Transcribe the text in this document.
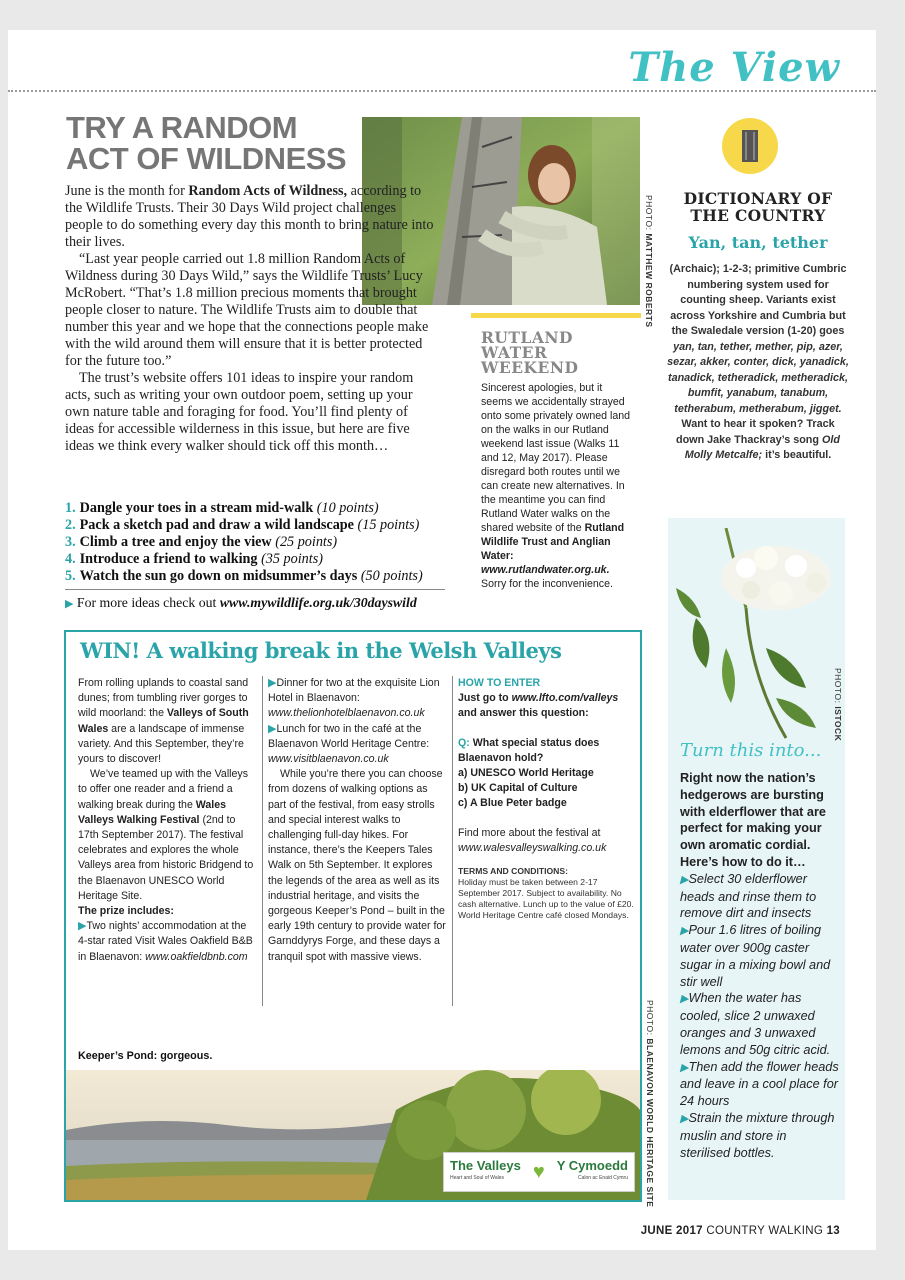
The View
TRY A RANDOM ACT OF WILDNESS
PHOTO: MATTHEW ROBERTS

June is the month for Random Acts of Wildness, according to the Wildlife Trusts. Their 30 Days Wild project challenges people to do something every day this month to bring nature into their lives.

“Last year people carried out 1.8 million Random Acts of Wildness during 30 Days Wild,” says the Wildlife Trusts’ Lucy McRobert. “That’s 1.8 million precious moments that brought people closer to nature. The Wildlife Trusts aim to double that number this year and we hope that the connections people make with the wild around them will ensure that it is better protected for the future too.”

The trust’s website offers 101 ideas to inspire your random acts, such as writing your own outdoor poem, setting up your own nature table and foraging for food. You’ll find plenty of ideas for accessible wilderness in this issue, but here are five ideas we think every walker should tick off this month…

1. Dangle your toes in a stream mid-walk (10 points)
2. Pack a sketch pad and draw a wild landscape (15 points)
3. Climb a tree and enjoy the view (25 points)
4. Introduce a friend to walking (35 points)
5. Watch the sun go down on midsummer’s days (50 points)
▶ For more ideas check out www.mywildlife.org.uk/30dayswild
RUTLAND WATER WEEKEND

Sincerest apologies, but it seems we accidentally strayed onto some privately owned land on the walks in our Rutland weekend last issue (Walks 11 and 12, May 2017). Please disregard both routes until we can create new alternatives. In the meantime you can find Rutland Water walks on the shared website of the Rutland Wildlife Trust and Anglian Water:
www.rutlandwater.org.uk.
Sorry for the inconvenience.

DICTIONARY OF THE COUNTRY
Yan, tan, tether
(Archaic); 1-2-3; primitive Cumbric numbering system used for counting sheep. Variants exist across Yorkshire and Cumbria but the Swaledale version (1-20) goes yan, tan, tether, mether, pip, azer, sezar, akker, conter, dick, yanadick, tanadick, tetheradick, metheradick, bumfit, yanabum, tanabum, tetherabum, metherabum, jigget. Want to hear it spoken? Track down Jake Thackray’s song Old Molly Metcalfe; it’s beautiful.
WIN! A walking break in the Welsh Valleys

From rolling uplands to coastal sand dunes; from tumbling river gorges to wild moorland: the Valleys of South Wales are a landscape of immense variety. And this September, they’re yours to discover!

We’ve teamed up with the Valleys to offer one reader and a friend a walking break during the Wales Valleys Walking Festival (2nd to 17th September 2017). The festival celebrates and explores the whole Valleys area from historic Bridgend to the Blaenavon UNESCO World Heritage Site.

The prize includes:

▶Two nights’ accommodation at the 4-star rated Visit Wales Oakfield B&B in Blaenavon: www.oakfieldbnb.com

▶Dinner for two at the exquisite Lion Hotel in Blaenavon: www.thelionhotelblaenavon.co.uk

▶Lunch for two in the café at the Blaenavon World Heritage Centre: www.visitblaenavon.co.uk

While you’re there you can choose from dozens of walking options as part of the festival, from easy strolls and special interest walks to challenging full-day hikes. For instance, there’s the Keepers Tales Walk on 5th September. It explores the legends of the area as well as its industrial heritage, and visits the gorgeous Keeper’s Pond – built in the early 19th century to provide water for Garnddyrys Forge, and these days a tranquil spot with massive views.

HOW TO ENTER

Just go to www.lfto.com/valleys and answer this question:

Q: What special status does Blaenavon hold?

a) UNESCO World Heritage

b) UK Capital of Culture

c) A Blue Peter badge

Find more about the festival at www.walesvalleyswalking.co.uk

TERMS AND CONDITIONS:

Holiday must be taken between 2-17 September 2017. Subject to availability. No cash alternative. Lunch up to the value of £20. World Heritage Centre café closed Mondays.

Keeper’s Pond: gorgeous.
The Valleys
Heart and Soul of Wales	♥ Y Cymoedd
Calon ac Enaid Cymru
PHOTO: BLAENAVON WORLD HERITAGE SITE
PHOTO: ISTOCK
Turn this into...

Right now the nation’s hedgerows are bursting with elderflower that are perfect for making your own aromatic cordial. Here’s how to do it…

▶Select 30 elderflower heads and rinse them to remove dirt and insects

▶Pour 1.6 litres of boiling water over 900g caster sugar in a mixing bowl and stir well

▶When the water has cooled, slice 2 unwaxed oranges and 3 unwaxed lemons and 50g citric acid.

▶Then add the flower heads and leave in a cool place for 24 hours

▶Strain the mixture through muslin and store in sterilised bottles.

JUNE 2017 COUNTRY WALKING 13
